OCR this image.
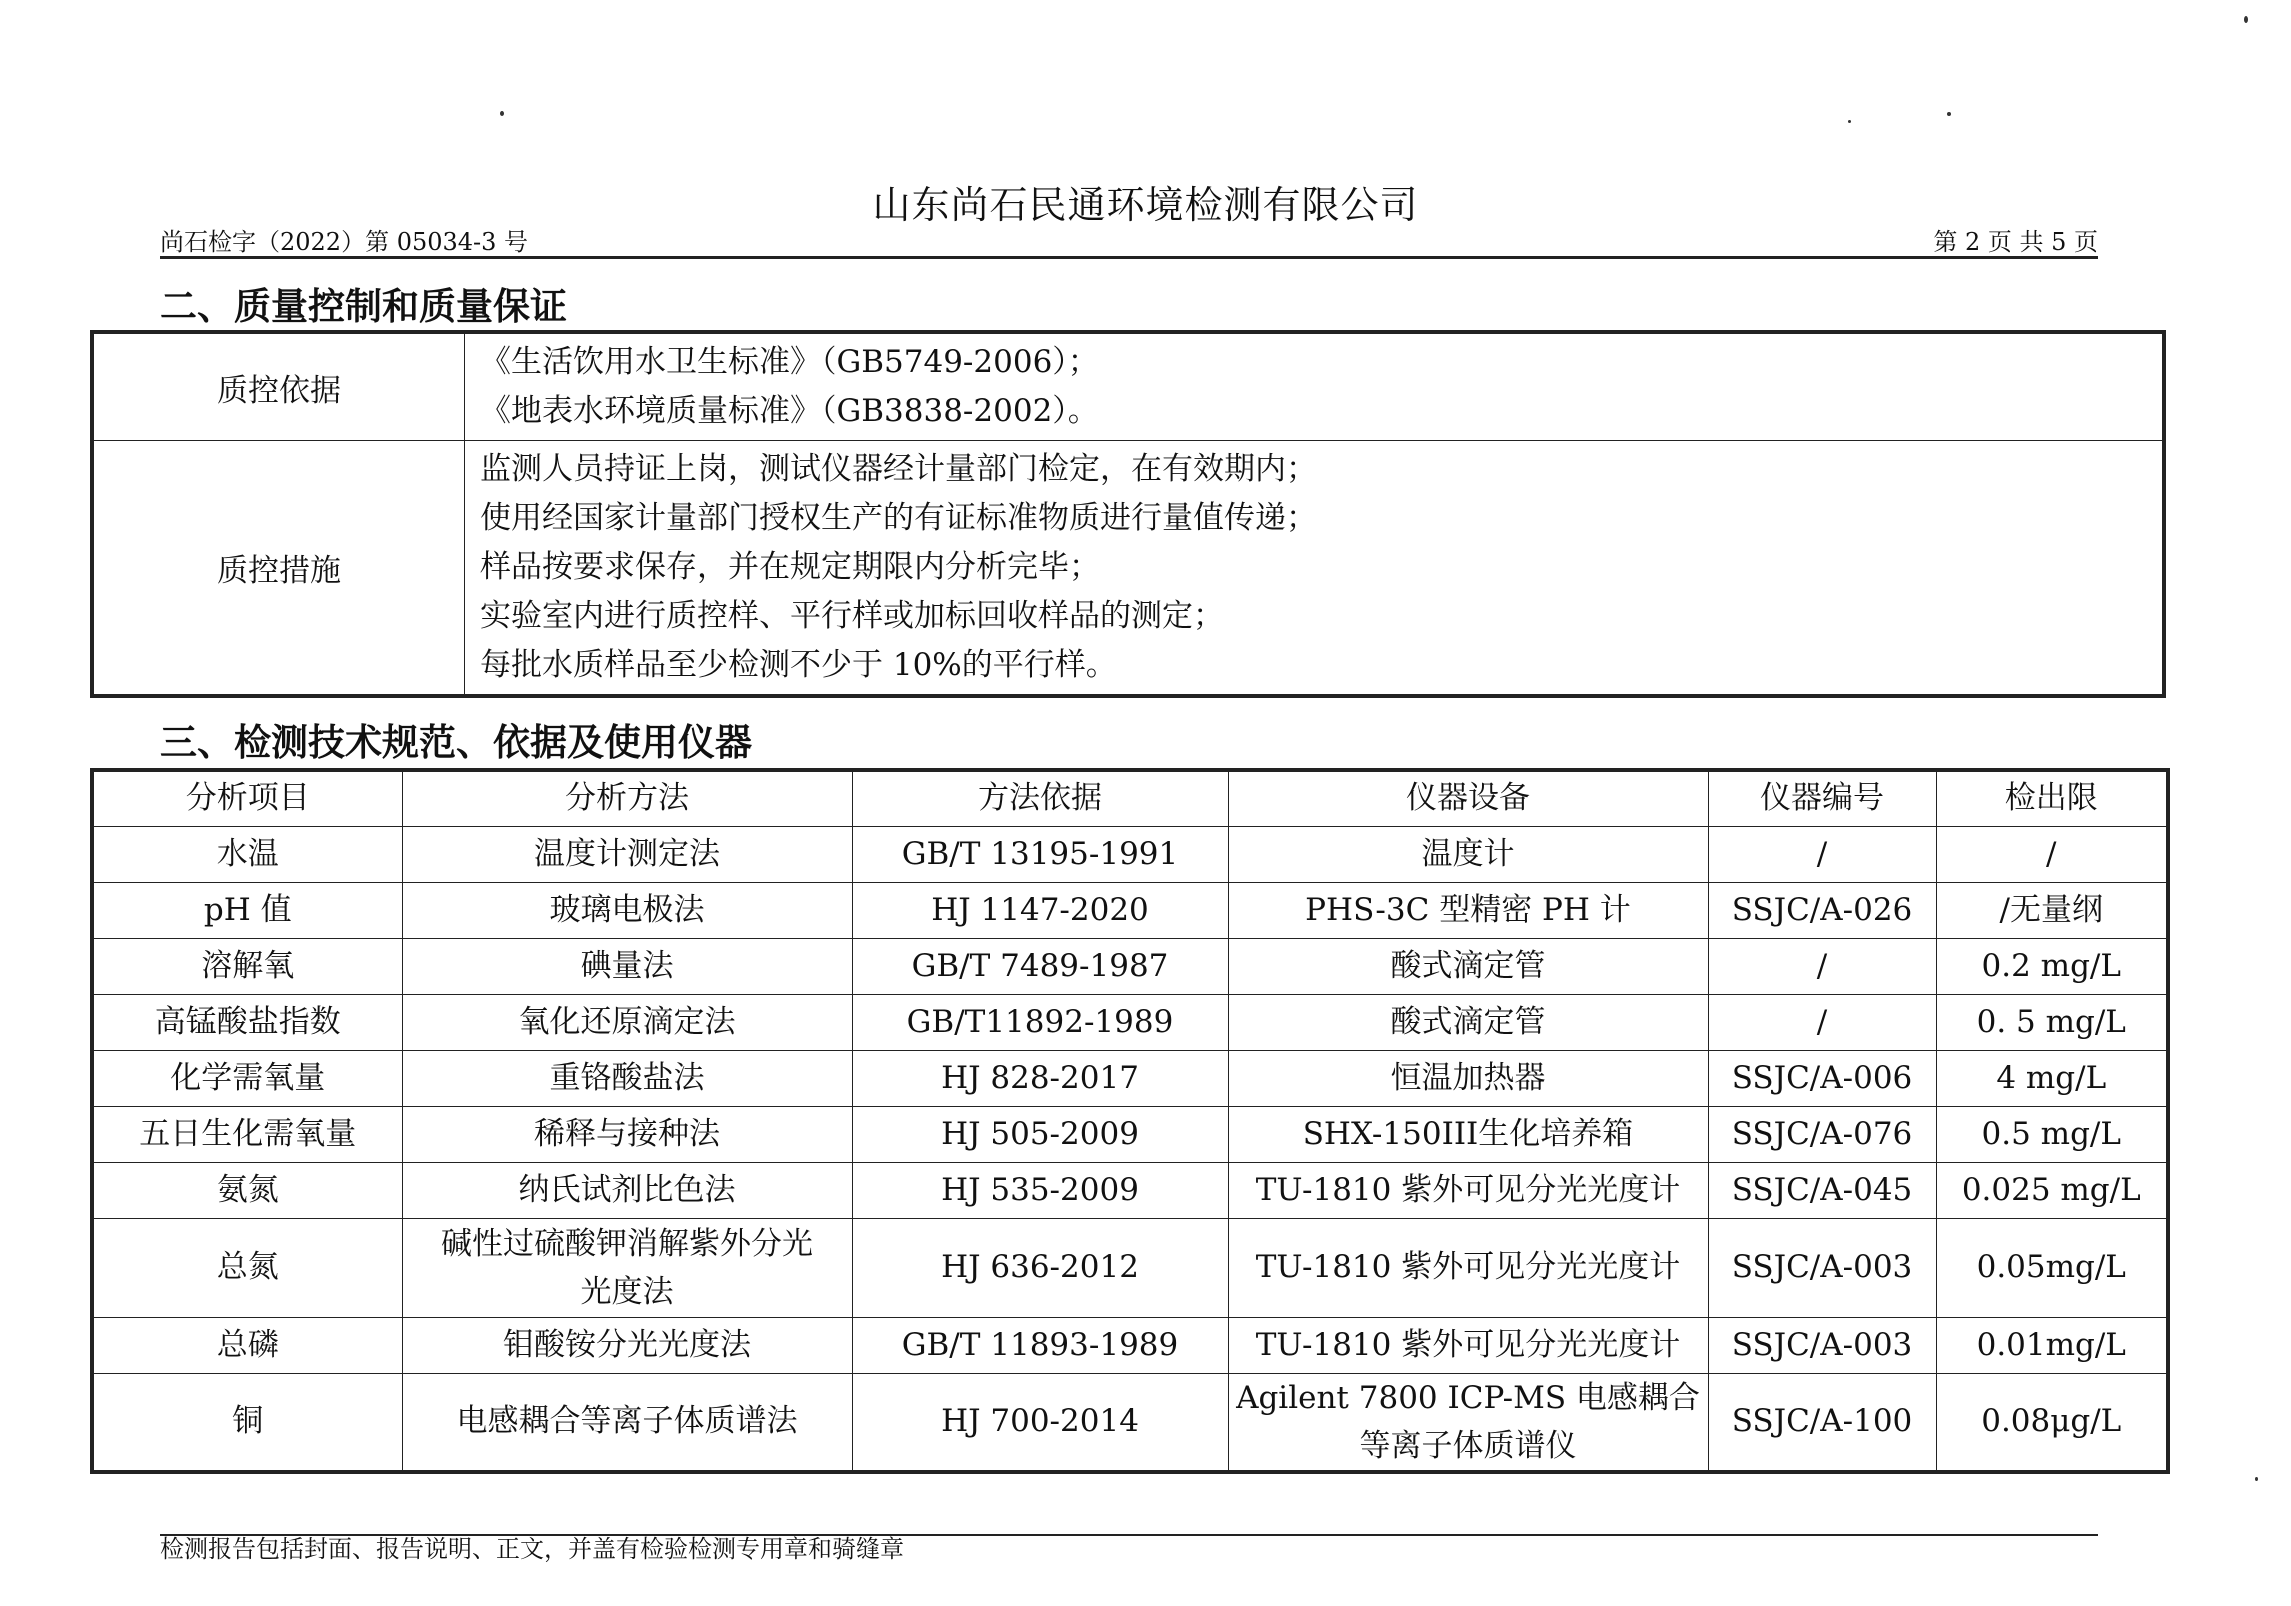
山东尚石民通环境检测有限公司
尚石检字（2022）第 05034-3 号	第 2 页 共 5 页
二、质量控制和质量保证
质控依据	《生活饮用水卫生标准》（GB5749-2006）；
《地表水环境质量标准》（GB3838-2002）。

质控措施	监测人员持证上岗，测试仪器经计量部门检定，在有效期内；
使用经国家计量部门授权生产的有证标准物质进行量值传递；
样品按要求保存，并在规定期限内分析完毕；
实验室内进行质控样、平行样或加标回收样品的测定；
每批水质样品至少检测不少于 10%的平行样。
三、检测技术规范、依据及使用仪器
分析项目	分析方法	方法依据	仪器设备	仪器编号	检出限
水温	温度计测定法	GB/T 13195-1991	温度计	/	/
pH 值	玻璃电极法	HJ 1147-2020	PHS-3C 型精密 PH 计	SSJC/A-026	/无量纲
溶解氧	碘量法	GB/T 7489-1987	酸式滴定管	/	0.2 mg/L
高锰酸盐指数	氧化还原滴定法	GB/T11892-1989	酸式滴定管	/	0. 5 mg/L
化学需氧量	重铬酸盐法	HJ 828-2017	恒温加热器	SSJC/A-006	4 mg/L
五日生化需氧量	稀释与接种法	HJ 505-2009	SHX-150III生化培养箱	SSJC/A-076	0.5 mg/L
氨氮	纳氏试剂比色法	HJ 535-2009	TU-1810 紫外可见分光光度计	SSJC/A-045	0.025 mg/L
总氮	碱性过硫酸钾消解紫外分光
光度法	HJ 636-2012	TU-1810 紫外可见分光光度计	SSJC/A-003	0.05mg/L
总磷	钼酸铵分光光度法	GB/T 11893-1989	TU-1810 紫外可见分光光度计	SSJC/A-003	0.01mg/L
铜	电感耦合等离子体质谱法	HJ 700-2014	Agilent 7800 ICP-MS 电感耦合
等离子体质谱仪	SSJC/A-100	0.08μg/L
检测报告包括封面、报告说明、正文，并盖有检验检测专用章和骑缝章
